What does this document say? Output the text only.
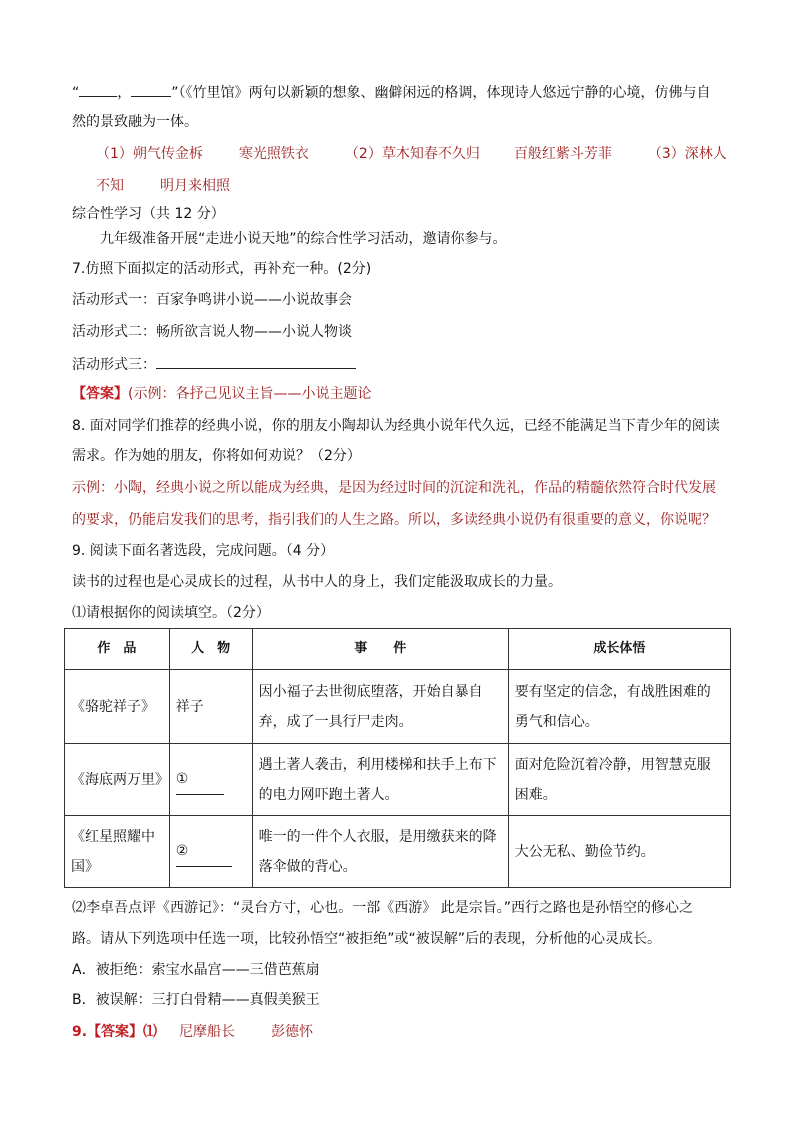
“	，	”（《竹里馆》两句以新颖的想象、幽僻闲远的格调，体现诗人悠远宁静的心境，仿佛与自
然的景致融为一体。
（1）朔气传金柝	寒光照铁衣	（2）草木知春不久归 百般红紫斗芳菲	（3）深林人
不知	明月来相照
综合性学习（共 12 分）
九年级准备开展“走进小说天地”的综合性学习活动，邀请你参与。
7.仿照下面拟定的活动形式，再补充一种。(2分)
活动形式一：百家争鸣讲小说——小说故事会
活动形式二：畅所欲言说人物——小说人物谈
活动形式三：
【答案】(示例：各抒己见议主旨——小说主题论
8. 面对同学们推荐的经典小说，你的朋友小陶却认为经典小说年代久远，已经不能满足当下青少年的阅读
需求。作为她的朋友，你将如何劝说？（2分）
示例：小陶，经典小说之所以能成为经典，是因为经过时间的沉淀和洗礼，作品的精髓依然符合时代发展
的要求，仍能启发我们的思考，指引我们的人生之路。所以，多读经典小说仍有很重要的意义，你说呢？
9. 阅读下面名著选段，完成问题。（4 分）
读书的过程也是心灵成长的过程，从书中人的身上，我们定能汲取成长的力量。
⑴请根据你的阅读填空。（2分）
作　品	人　物	事　　件	成长体悟
《骆驼祥子》	祥子	因小福子去世彻底堕落，开始自暴自弃，成了一具行尸走肉。	要有坚定的信念，有战胜困难的勇气和信心。
《海底两万里》	①	遇土著人袭击，利用楼梯和扶手上布下的电力网吓跑土著人。	面对危险沉着冷静，用智慧克服困难。
《红星照耀中国》	②	唯一的一件个人衣服，是用缴获来的降落伞做的背心。	大公无私、勤俭节约。
⑵李卓吾点评《西游记》：“灵台方寸，心也。一部《西游》 此是宗旨。”西行之路也是孙悟空的修心之
路。请从下列选项中任选一项，比较孙悟空“被拒绝”或“被误解”后的表现，分析他的心灵成长。
A．被拒绝：索宝水晶宫——三借芭蕉扇
B．被误解：三打白骨精——真假美猴王
9.【答案】⑴ 尼摩船长	彭德怀
